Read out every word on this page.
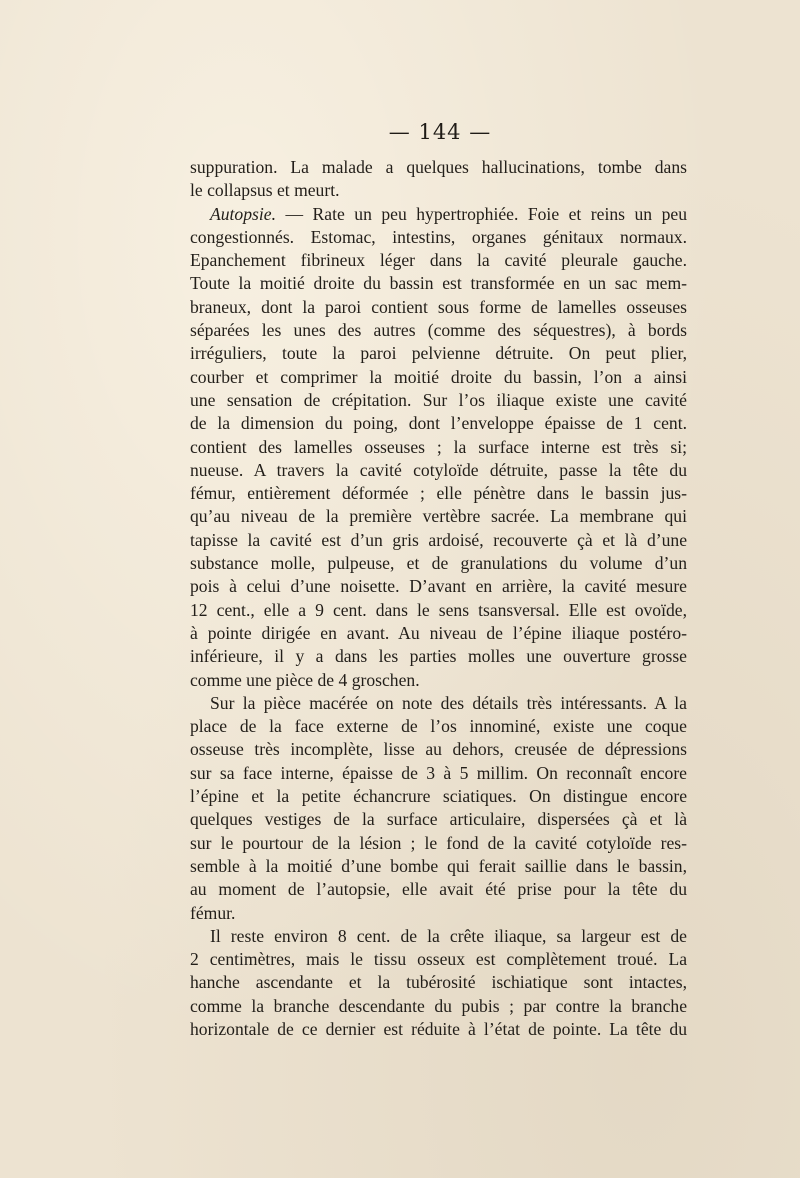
— 144 —
suppuration. La malade a quelques hallucinations, tombe dans
le collapsus et meurt.
Autopsie. — Rate un peu hypertrophiée. Foie et reins un peu
congestionnés. Estomac, intestins, organes génitaux normaux.
Epanchement fibrineux léger dans la cavité pleurale gauche.
Toute la moitié droite du bassin est transformée en un sac mem-
braneux, dont la paroi contient sous forme de lamelles osseuses
séparées les unes des autres (comme des séquestres), à bords
irréguliers, toute la paroi pelvienne détruite. On peut plier,
courber et comprimer la moitié droite du bassin, l’on a ainsi
une sensation de crépitation. Sur l’os iliaque existe une cavité
de la dimension du poing, dont l’enveloppe épaisse de 1 cent.
contient des lamelles osseuses ; la surface interne est très si;
nueuse. A travers la cavité cotyloïde détruite, passe la tête du
fémur, entièrement déformée ; elle pénètre dans le bassin jus-
qu’au niveau de la première vertèbre sacrée. La membrane qui
tapisse la cavité est d’un gris ardoisé, recouverte çà et là d’une
substance molle, pulpeuse, et de granulations du volume d’un
pois à celui d’une noisette. D’avant en arrière, la cavité mesure
12 cent., elle a 9 cent. dans le sens tsansversal. Elle est ovoïde,
à pointe dirigée en avant. Au niveau de l’épine iliaque postéro-
inférieure, il y a dans les parties molles une ouverture grosse
comme une pièce de 4 groschen.
Sur la pièce macérée on note des détails très intéressants. A la
place de la face externe de l’os innominé, existe une coque
osseuse très incomplète, lisse au dehors, creusée de dépressions
sur sa face interne, épaisse de 3 à 5 millim. On reconnaît encore
l’épine et la petite échancrure sciatiques. On distingue encore
quelques vestiges de la surface articulaire, dispersées çà et là
sur le pourtour de la lésion ; le fond de la cavité cotyloïde res-
semble à la moitié d’une bombe qui ferait saillie dans le bassin,
au moment de l’autopsie, elle avait été prise pour la tête du
fémur.
Il reste environ 8 cent. de la crête iliaque, sa largeur est de
2 centimètres, mais le tissu osseux est complètement troué. La
hanche ascendante et la tubérosité ischiatique sont intactes,
comme la branche descendante du pubis ; par contre la branche
horizontale de ce dernier est réduite à l’état de pointe. La tête du
